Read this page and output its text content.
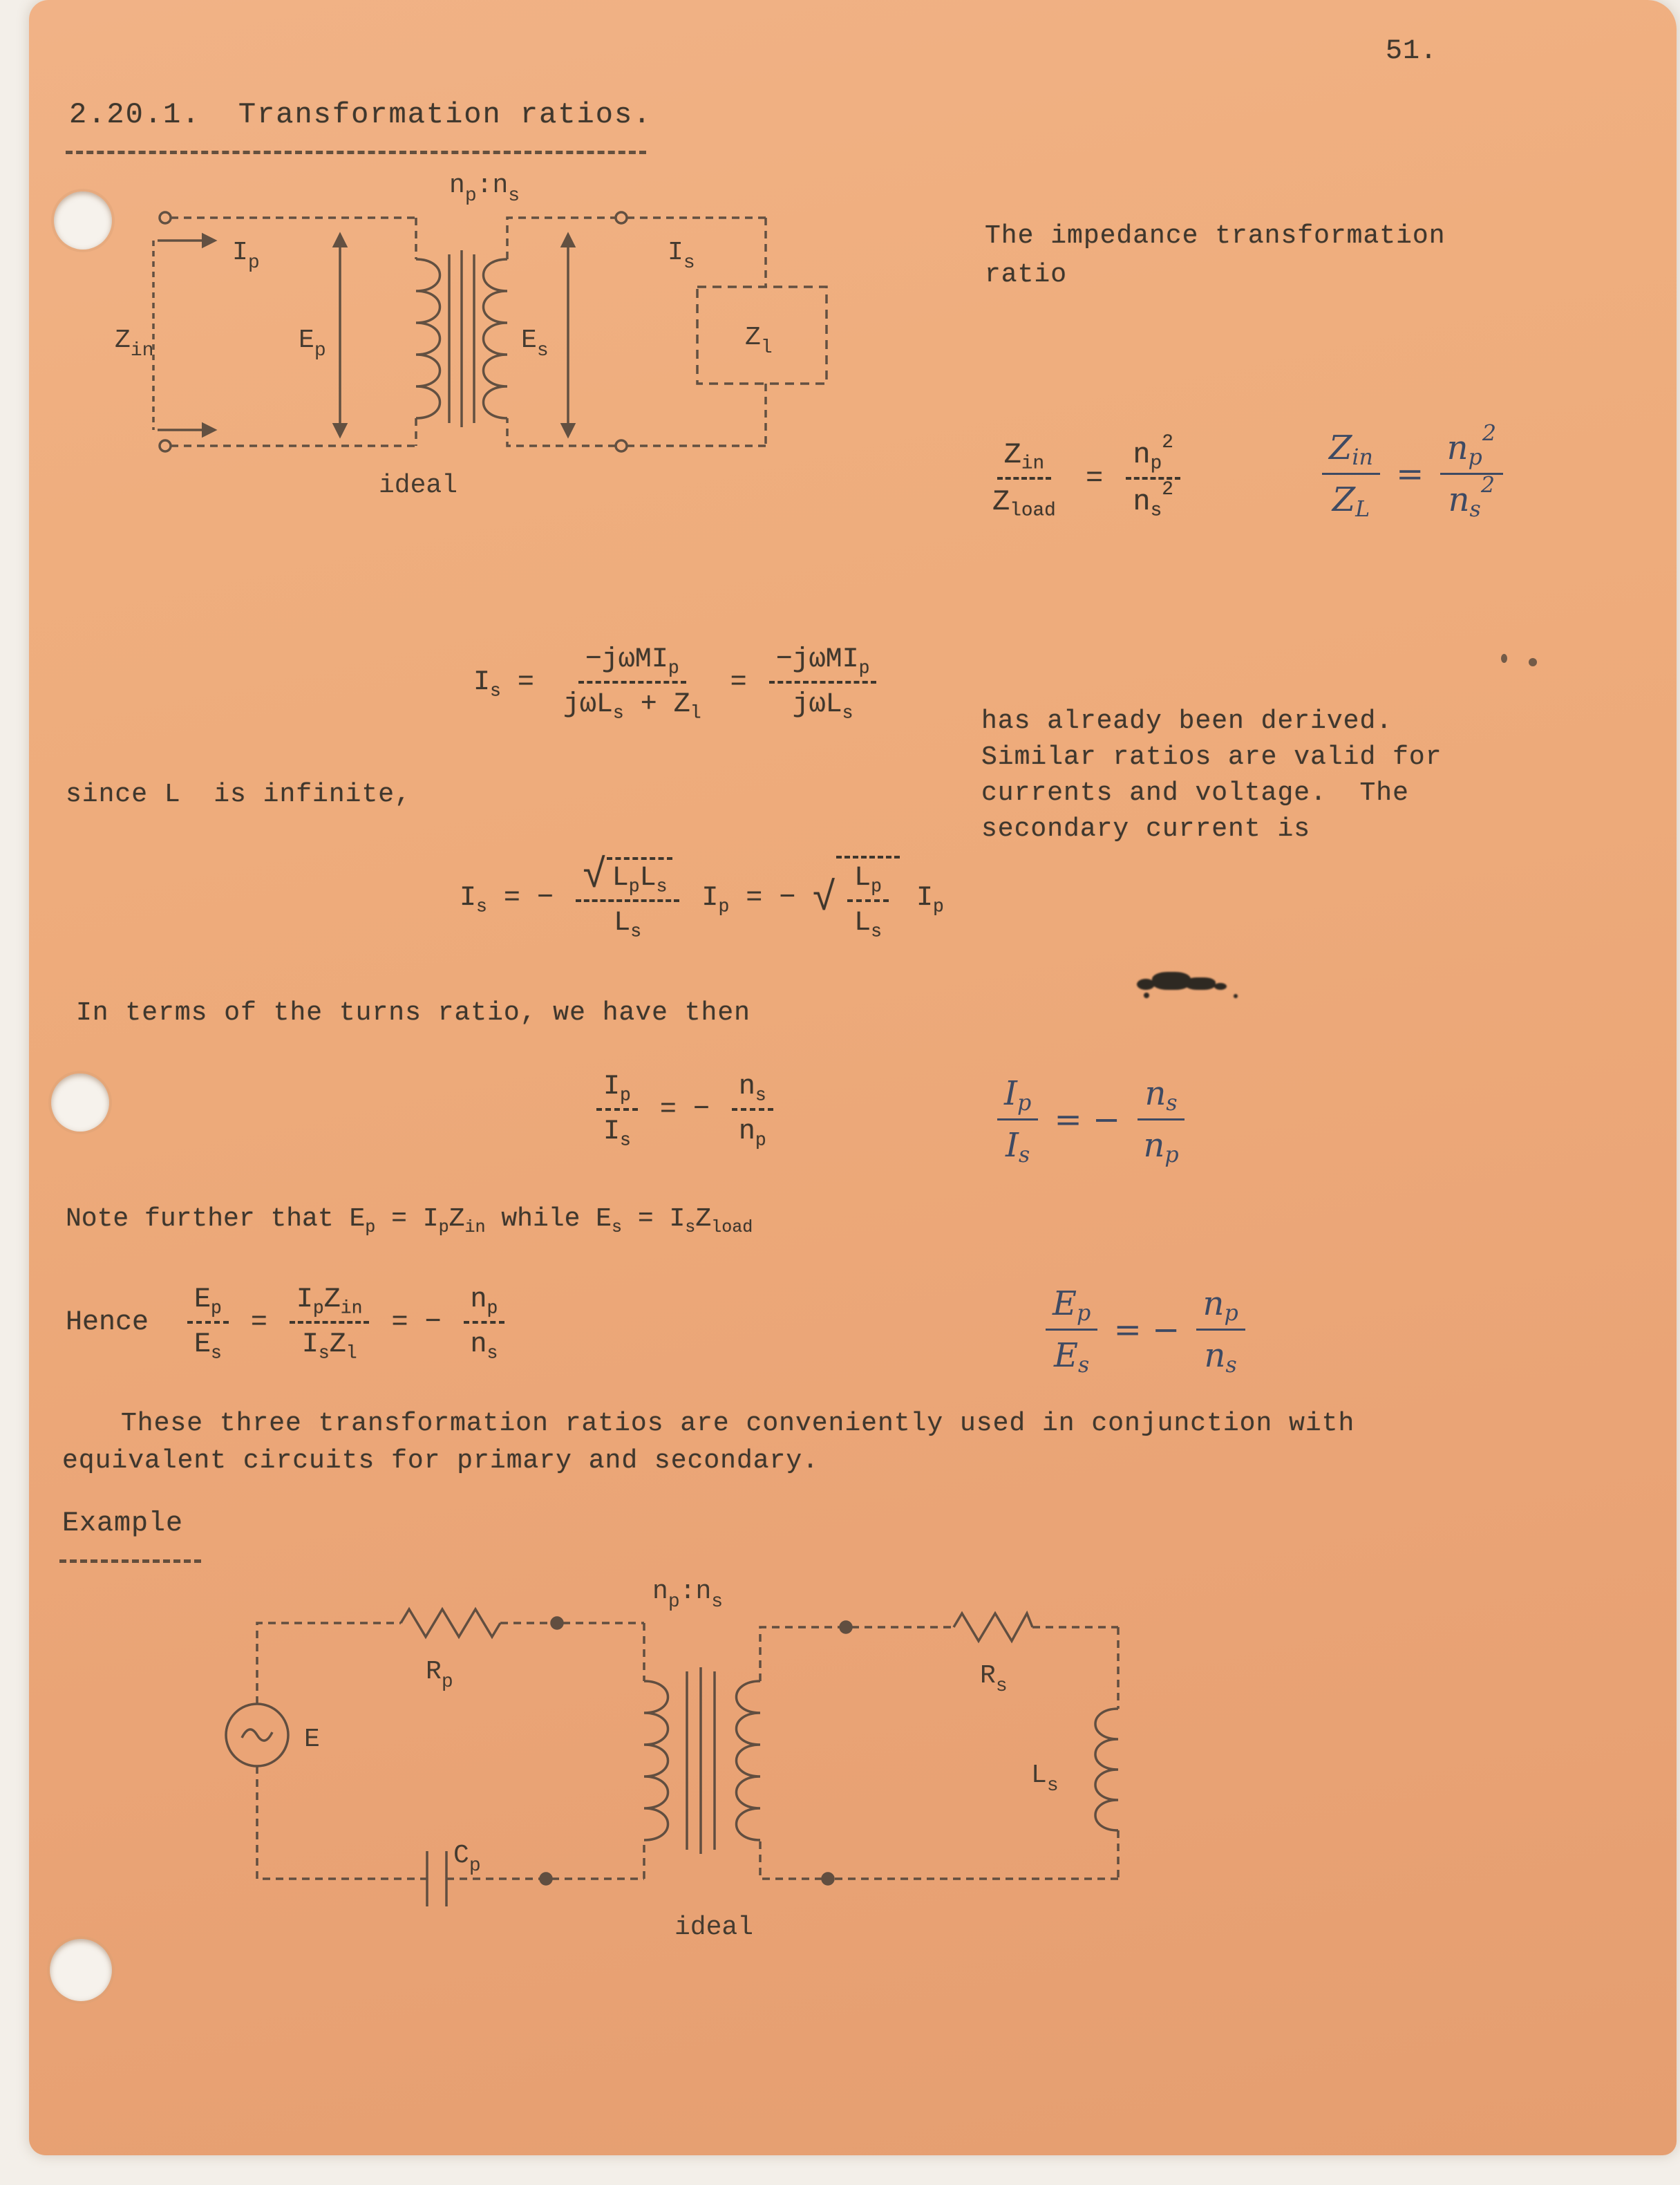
51.
2.20.1. Transformation ratios.
$n_p:n_s$
$I_p$
$Z_{in}$	$E_p$	$E_s$
$I_s$
$Z_l$
ideal
The impedance transformation
ratio
$\frac{Z_{in}}{Z_{load}} = n_p$
2
$n_s$
2	$\frac{Z_{in}}{Z_L} = n_p$
2
$n_s$
2
has already been derived.
Similar ratios are valid for
currents and voltage.  The
secondary current is
$I_s = \frac{-j\omega MI_p}{j\omega L_s + Z_l} = \frac{-j\omega MI_p}{j\omega L_s}$
since L  is infinite,
$I_s$ = − $\frac{√ L_p L_s}{L_s} I_p$ = − √ $\frac{L_p}{L_s} I_p$
In terms of the turns ratio, we have then
$\frac{I_p}{I_s}$ = − $\frac{n_s}{n_p}$	$\frac{I_p}{I_s}$ = − $\frac{n_s}{n_p}$
Note further that $E_p = I_p$ $Z_{in}$ while $E_s = I_s$ $Z_{load}$
Hence $\frac{E_p}{E_s} = \frac{I_p Z_{in}}{I_s Z_l}$ = − $\frac{n_p}{n_s}$	$\frac{E_p}{E_s}$ = − $\frac{n_p}{n_s}$
These three transformation ratios are conveniently used in conjunction with
equivalent circuits for primary and secondary.
Example
$n_p:n_s$
$R_p$
E
$C_p$
$R_s$
$L_s$
ideal
